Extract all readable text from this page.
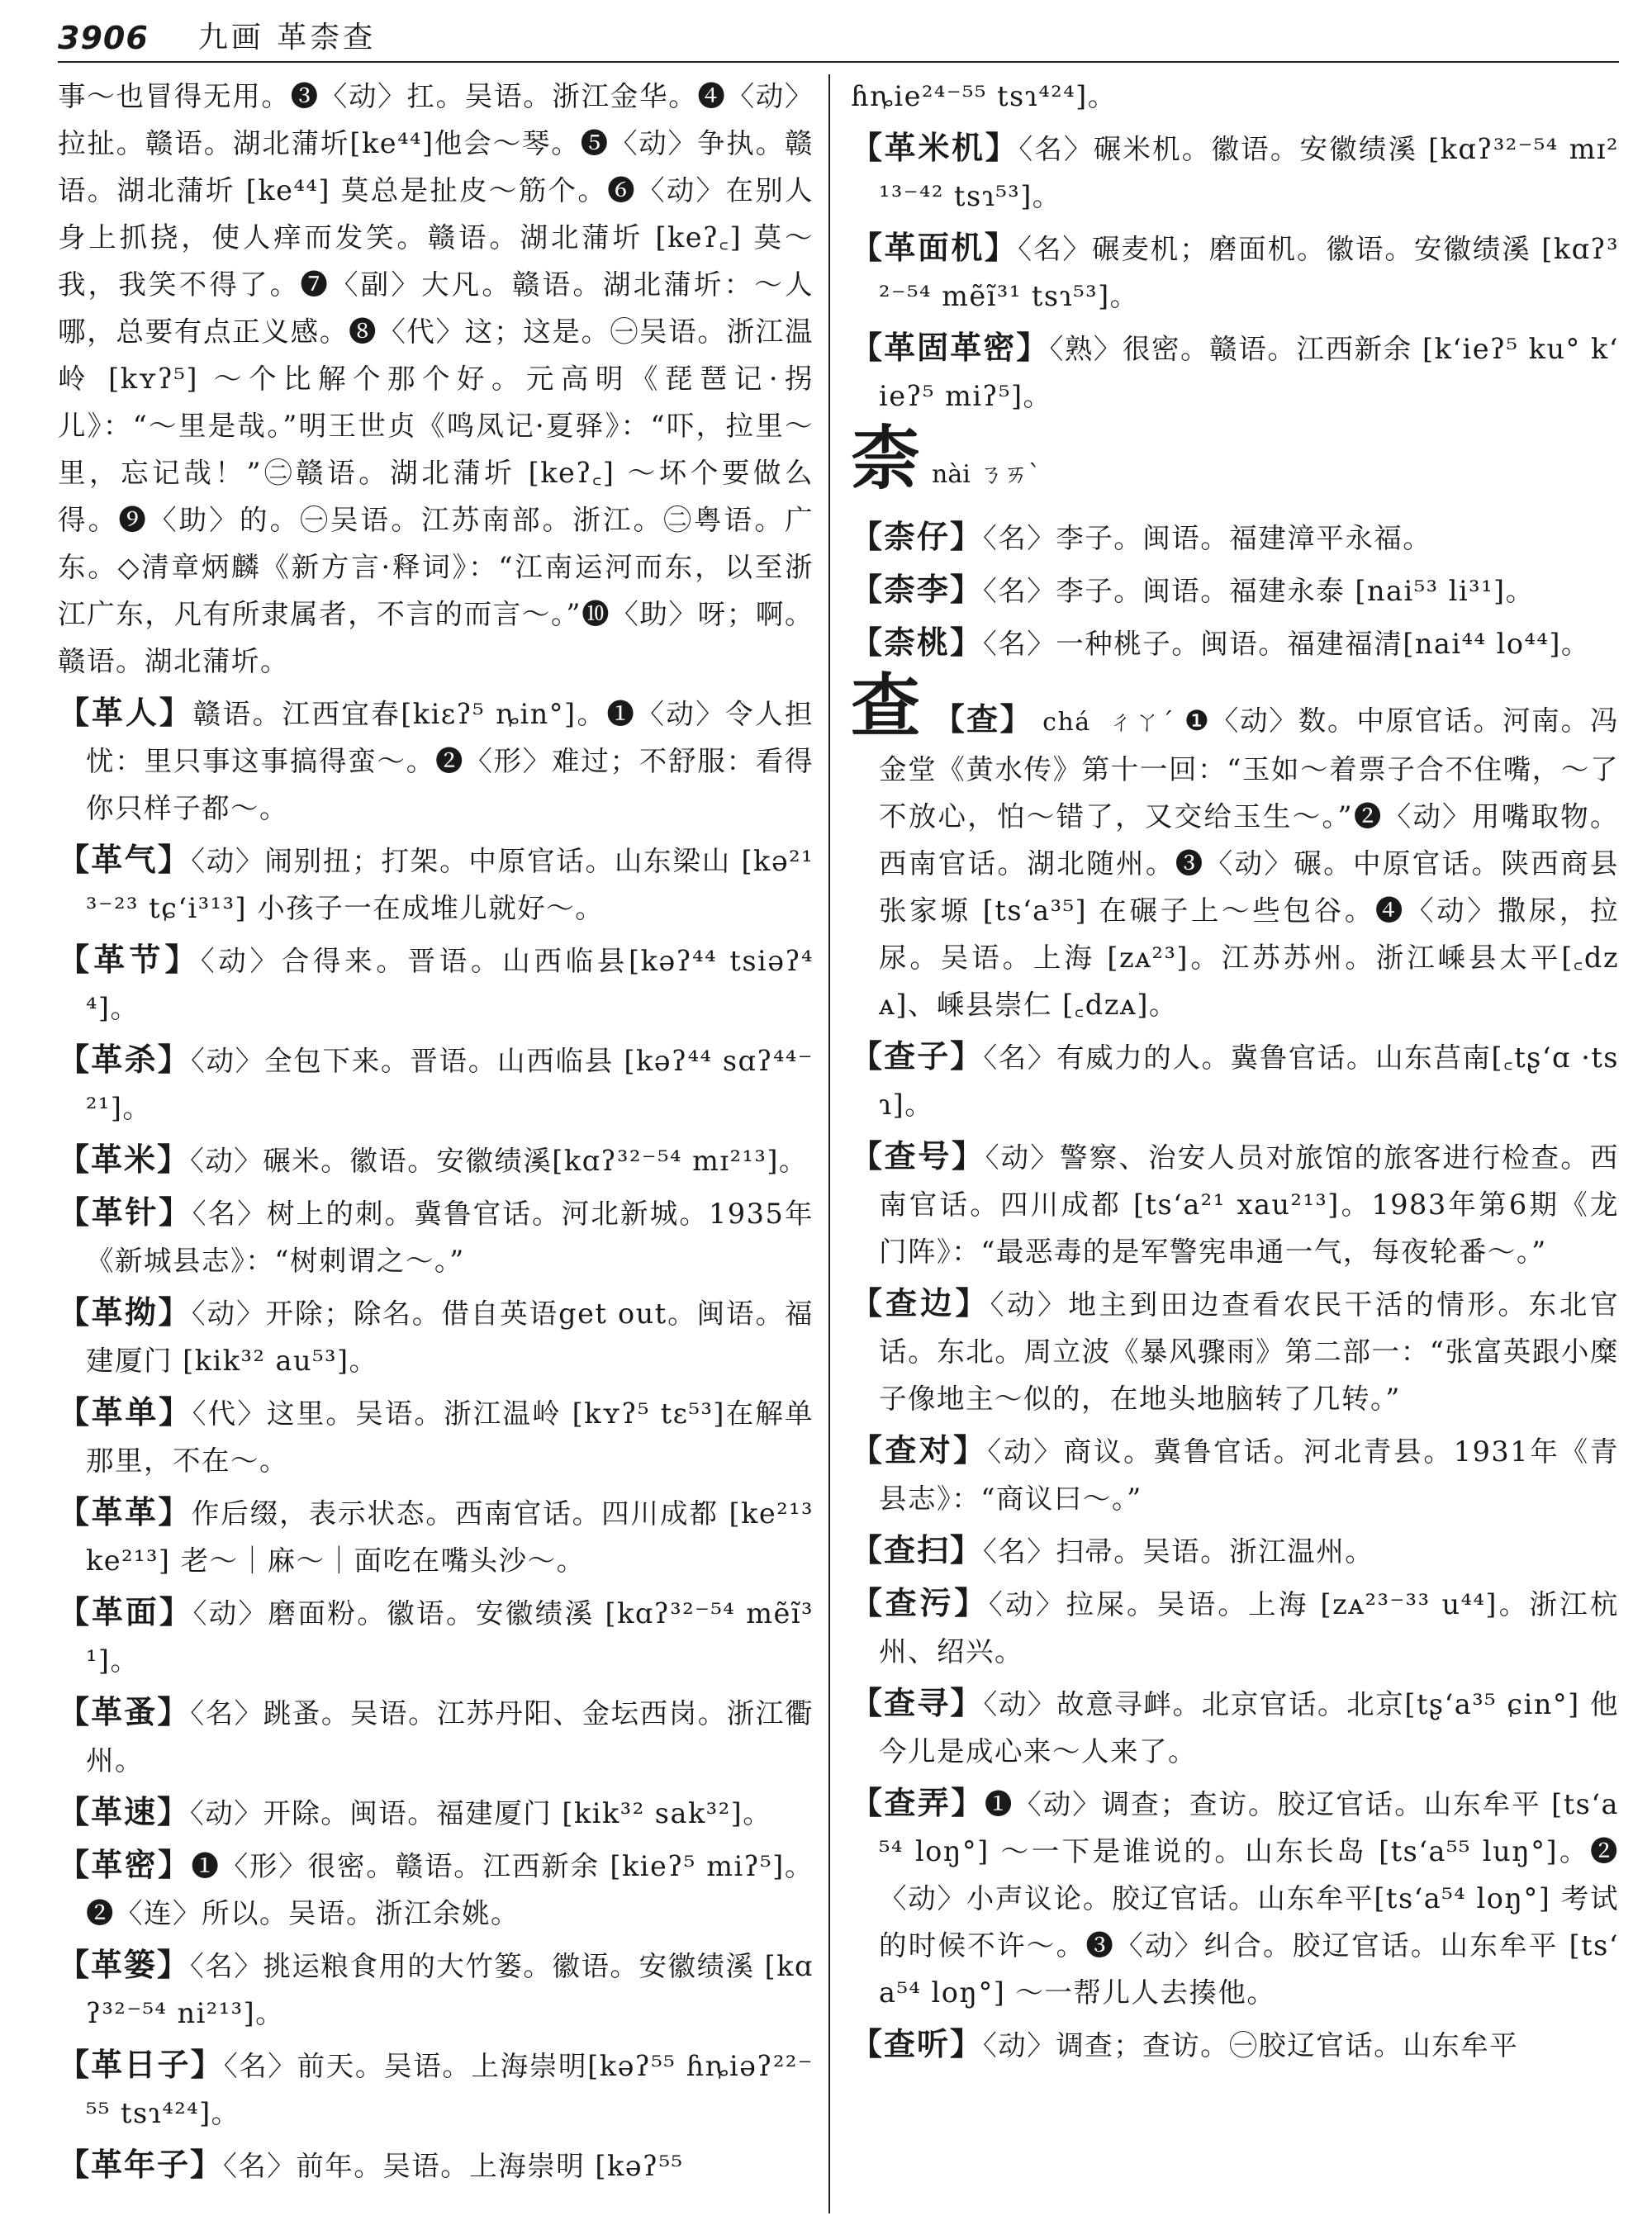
3906 九画 革柰查

事～也冒得无用。❸〈动〉扛。吴语。浙江金华。❹〈动〉拉扯。赣语。湖北蒲圻[ke⁴⁴]他会～琴。❺〈动〉争执。赣语。湖北蒲圻 [ke⁴⁴] 莫总是扯皮～筋个。❻〈动〉在别人身上抓挠，使人痒而发笑。赣语。湖北蒲圻 [keʔ꜀] 莫～我，我笑不得了。❼〈副〉大凡。赣语。湖北蒲圻：～人哪，总要有点正义感。❽〈代〉这；这是。㊀吴语。浙江温岭 [kʏʔ⁵] ～个比解个那个好。元高明《琵琶记·拐儿》：“～里是哉。”明王世贞《鸣凤记·夏驿》：“吓，拉里～里，忘记哉！”㊁赣语。湖北蒲圻 [keʔ꜀] ～坏个要做么得。❾〈助〉的。㊀吴语。江苏南部。浙江。㊁粤语。广东。◇清章炳麟《新方言·释词》：“江南运河而东，以至浙江广东，凡有所隶属者，不言的而言～。”❿〈助〉呀；啊。赣语。湖北蒲圻。

【革人】赣语。江西宜春[kiɛʔ⁵ ȵin°]。❶〈动〉令人担忧：里只事这事搞得蛮～。❷〈形〉难过；不舒服：看得你只样子都～。

【革气】〈动〉闹别扭；打架。中原官话。山东梁山 [kə²¹³⁻²³ tɕʻi³¹³] 小孩子一在成堆儿就好～。

【革节】〈动〉合得来。晋语。山西临县[kəʔ⁴⁴ tsiəʔ⁴⁴]。

【革杀】〈动〉全包下来。晋语。山西临县 [kəʔ⁴⁴ sɑʔ⁴⁴⁻²¹]。

【革米】〈动〉碾米。徽语。安徽绩溪[kɑʔ³²⁻⁵⁴ mɪ²¹³]。

【革针】〈名〉树上的刺。冀鲁官话。河北新城。1935年《新城县志》：“树刺谓之～。”

【革拗】〈动〉开除；除名。借自英语get out。闽语。福建厦门 [kik³² au⁵³]。

【革单】〈代〉这里。吴语。浙江温岭 [kʏʔ⁵ tɛ⁵³]在解单那里，不在～。

【革革】作后缀，表示状态。西南官话。四川成都 [ke²¹³ ke²¹³] 老～｜麻～｜面吃在嘴头沙～。

【革面】〈动〉磨面粉。徽语。安徽绩溪 [kɑʔ³²⁻⁵⁴ mẽĩ³¹]。

【革蚤】〈名〉跳蚤。吴语。江苏丹阳、金坛西岗。浙江衢州。

【革速】〈动〉开除。闽语。福建厦门 [kik³² sak³²]。

【革密】❶〈形〉很密。赣语。江西新余 [kieʔ⁵ miʔ⁵]。❷〈连〉所以。吴语。浙江余姚。

【革篓】〈名〉挑运粮食用的大竹篓。徽语。安徽绩溪 [kɑʔ³²⁻⁵⁴ ni²¹³]。

【革日子】〈名〉前天。吴语。上海崇明[kəʔ⁵⁵ ɦȵiəʔ²²⁻⁵⁵ tsɿ⁴²⁴]。

【革年子】〈名〉前年。吴语。上海崇明 [kəʔ⁵⁵

ɦȵie²⁴⁻⁵⁵ tsɿ⁴²⁴]。

【革米机】〈名〉碾米机。徽语。安徽绩溪 [kɑʔ³²⁻⁵⁴ mɪ²¹³⁻⁴² tsɿ⁵³]。

【革面机】〈名〉碾麦机；磨面机。徽语。安徽绩溪 [kɑʔ³²⁻⁵⁴ mẽĩ³¹ tsɿ⁵³]。

【革固革密】〈熟〉很密。赣语。江西新余 [kʻieʔ⁵ ku° kʻieʔ⁵ miʔ⁵]。

柰 nài ㄋㄞˋ

【柰仔】〈名〉李子。闽语。福建漳平永福。

【柰李】〈名〉李子。闽语。福建永泰 [nai⁵³ li³¹]。

【柰桃】〈名〉一种桃子。闽语。福建福清[nai⁴⁴ lo⁴⁴]。

查 【查】 chá ㄔㄚˊ ❶〈动〉数。中原官话。河南。冯金堂《黄水传》第十一回：“玉如～着票子合不住嘴，～了不放心，怕～错了，又交给玉生～。”❷〈动〉用嘴取物。西南官话。湖北随州。❸〈动〉碾。中原官话。陕西商县张家塬 [tsʻa³⁵] 在碾子上～些包谷。❹〈动〉撒尿，拉尿。吴语。上海 [zᴀ²³]。江苏苏州。浙江嵊县太平[꜀dzᴀ]、嵊县崇仁 [꜀dzᴀ]。

【查子】〈名〉有威力的人。冀鲁官话。山东莒南[꜀tʂʻɑ ·tsɿ]。

【查号】〈动〉警察、治安人员对旅馆的旅客进行检查。西南官话。四川成都 [tsʻa²¹ xau²¹³]。1983年第6期《龙门阵》：“最恶毒的是军警宪串通一气，每夜轮番～。”

【查边】〈动〉地主到田边查看农民干活的情形。东北官话。东北。周立波《暴风骤雨》第二部一：“张富英跟小糜子像地主～似的，在地头地脑转了几转。”

【查对】〈动〉商议。冀鲁官话。河北青县。1931年《青县志》：“商议曰～。”

【查扫】〈名〉扫帚。吴语。浙江温州。

【查污】〈动〉拉屎。吴语。上海 [zᴀ²³⁻³³ u⁴⁴]。浙江杭州、绍兴。

【查寻】〈动〉故意寻衅。北京官话。北京[tʂʻa³⁵ ɕin°] 他今儿是成心来～人来了。

【查弄】❶〈动〉调查；查访。胶辽官话。山东牟平 [tsʻa⁵⁴ loŋ°] ～一下是谁说的。山东长岛 [tsʻa⁵⁵ luŋ°]。❷〈动〉小声议论。胶辽官话。山东牟平[tsʻa⁵⁴ loŋ°] 考试的时候不许～。❸〈动〉纠合。胶辽官话。山东牟平 [tsʻa⁵⁴ loŋ°] ～一帮儿人去揍他。

【查听】〈动〉调查；查访。㊀胶辽官话。山东牟平
